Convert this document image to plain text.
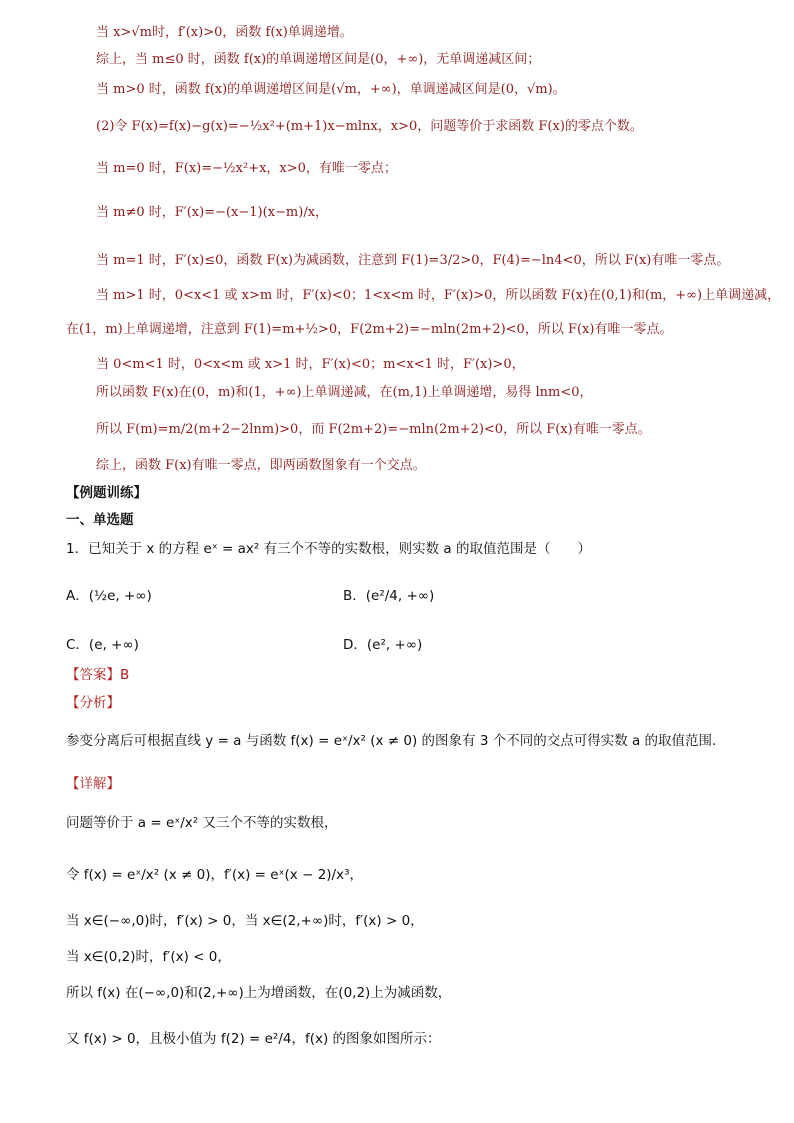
当 x>√m时，f′(x)>0，函数 f(x)单调递增。
综上，当 m≤0 时，函数 f(x)的单调递增区间是(0，+∞)，无单调递减区间；
当 m>0 时，函数 f(x)的单调递增区间是(√m，+∞)，单调递减区间是(0，√m)。
(2)令 F(x)=f(x)−g(x)=−½x²+(m+1)x−mlnx，x>0，问题等价于求函数 F(x)的零点个数。
当 m=0 时，F(x)=−½x²+x，x>0，有唯一零点；
当 m≠0 时，F′(x)=−(x−1)(x−m)/x，
当 m=1 时，F′(x)≤0，函数 F(x)为减函数，注意到 F(1)=3/2>0，F(4)=−ln4<0，所以 F(x)有唯一零点。
当 m>1 时，0<x<1 或 x>m 时，F′(x)<0；1<x<m 时，F′(x)>0，所以函数 F(x)在(0,1)和(m，+∞)上单调递减，
在(1，m)上单调递增，注意到 F(1)=m+½>0，F(2m+2)=−mln(2m+2)<0，所以 F(x)有唯一零点。
当 0<m<1 时，0<x<m 或 x>1 时，F′(x)<0；m<x<1 时，F′(x)>0，
所以函数 F(x)在(0，m)和(1，+∞)上单调递减，在(m,1)上单调递增，易得 lnm<0，
所以 F(m)=m/2(m+2−2lnm)>0，而 F(2m+2)=−mln(2m+2)<0，所以 F(x)有唯一零点。
综上，函数 F(x)有唯一零点，即两函数图象有一个交点。
【例题训练】
一、单选题
1．已知关于 x 的方程 eˣ = ax² 有三个不等的实数根，则实数 a 的取值范围是（　　）
A．(½e, +∞)	B．(e²/4, +∞)
C．(e, +∞)	D．(e², +∞)
【答案】B
【分析】
参变分离后可根据直线 y = a 与函数 f(x) = eˣ/x² (x ≠ 0) 的图象有 3 个不同的交点可得实数 a 的取值范围.
【详解】
问题等价于 a = eˣ/x² 又三个不等的实数根，
令 f(x) = eˣ/x² (x ≠ 0)，f′(x) = eˣ(x − 2)/x³，
当 x∈(−∞,0)时，f′(x) > 0，当 x∈(2,+∞)时，f′(x) > 0，
当 x∈(0,2)时，f′(x) < 0，
所以 f(x) 在(−∞,0)和(2,+∞)上为增函数，在(0,2)上为减函数，
又 f(x) > 0，且极小值为 f(2) = e²/4，f(x) 的图象如图所示：
